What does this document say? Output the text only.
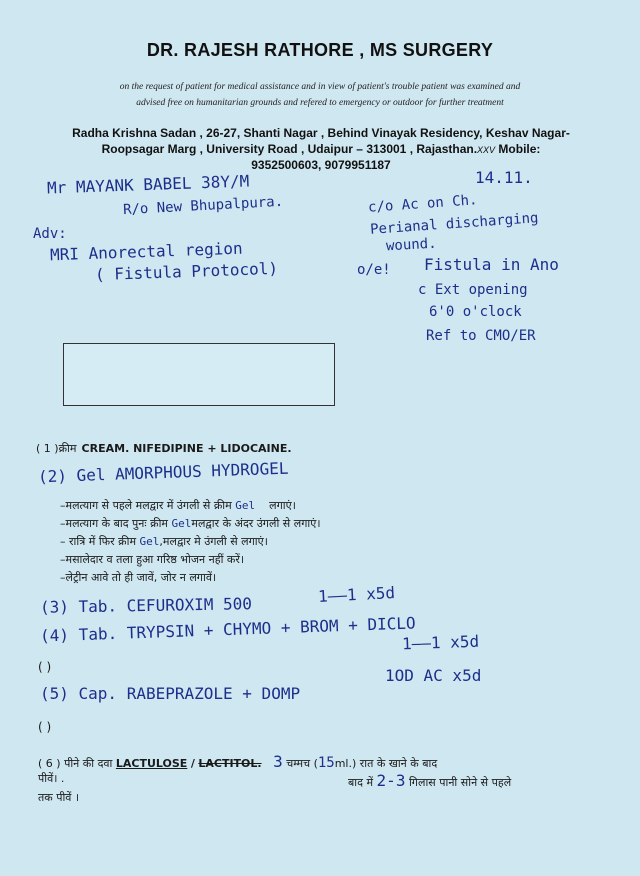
DR. RAJESH RATHORE , MS SURGERY
on the request of patient for medical assistance and in view of patient's trouble patient was examined and
advised free on humanitarian grounds and refered to emergency or outdoor for further treatment
Radha Krishna Sadan , 26-27, Shanti Nagar , Behind Vinayak Residency, Keshav Nagar-
Roopsagar Marg , University Road , Udaipur – 313001 , Rajasthan.XXV Mobile:
9352500603, 9079951187
Mr MAYANK BABEL 38Y/M
R/o New Bhupalpura.
14.11.
c/o Ac on Ch.
Perianal discharging
wound.
o/e! Fistula in Ano
c Ext opening
6'0 o'clock
Ref to CMO/ER
Adv:
MRI Anorectal region
( Fistula Protocol)
( 1 )क्रीम CREAM. NIFEDIPINE + LIDOCAINE.
(2) Gel AMORPHOUS HYDROGEL
–मलत्याग से पहले मलद्वार में उंगली से क्रीम Gel लगाएं।
–मलत्याग के बाद पुनः क्रीम Gelमलद्वार के अंदर उंगली से लगाएं।
– रात्रि में फिर क्रीम Gel,मलद्वार मे उंगली से लगाएं।
–मसालेदार व तला हुआ गरिष्ठ भोजन नहीं करें।
–लेट्रीन आवे तो ही जावें, जोर न लगावें।
(3) Tab. CEFUROXIM 500	1——1 x5d
(4) Tab. TRYPSIN + CHYMO + BROM + DICLO
1——1 x5d
( )
(5) Cap. RABEPRAZOLE + DOMP
1OD AC x5d
( )
( 6 ) पीने की दवा LACTULOSE / LACTITOL. 3 चम्मच (15ml.) रात के खाने के बाद
पीवें। .	बाद में 2-3 गिलास पानी सोने से पहले
तक पीवें ।
